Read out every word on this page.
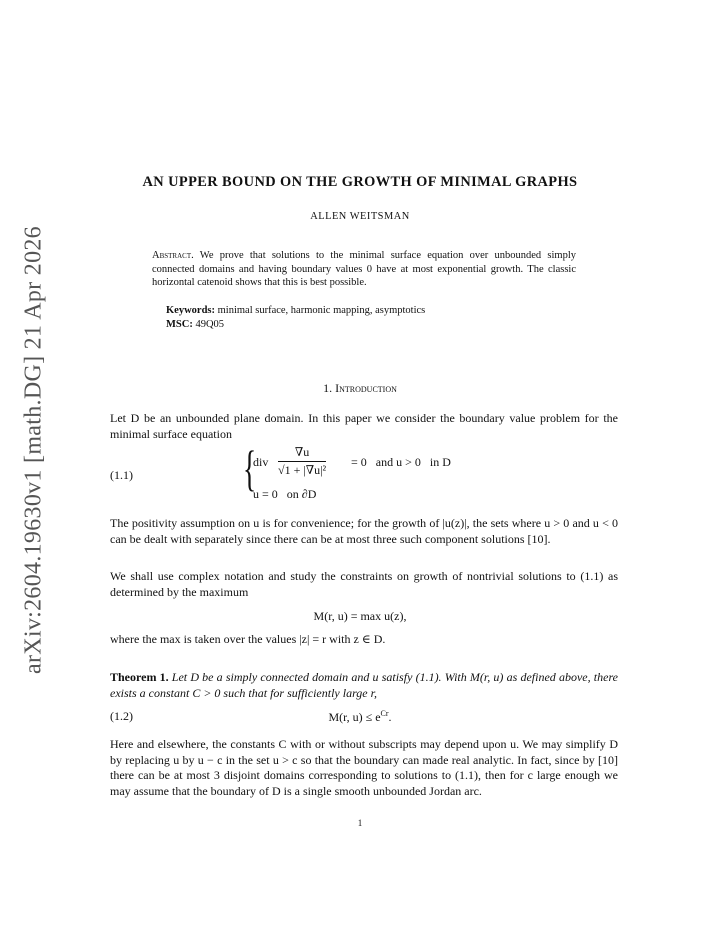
arXiv:2604.19630v1 [math.DG] 21 Apr 2026
AN UPPER BOUND ON THE GROWTH OF MINIMAL GRAPHS
ALLEN WEITSMAN
Abstract. We prove that solutions to the minimal surface equation over unbounded simply connected domains and having boundary values 0 have at most exponential growth. The classic horizontal catenoid shows that this is best possible.
Keywords: minimal surface, harmonic mapping, asymptotics
MSC: 49Q05
1. Introduction
Let D be an unbounded plane domain. In this paper we consider the boundary value problem for the minimal surface equation
(1.1) {
div
∇u
√1 + |∇u|²
= 0   and u > 0   in D
u = 0   on ∂D
The positivity assumption on u is for convenience; for the growth of |u(z)|, the sets where u > 0 and u < 0 can be dealt with separately since there can be at most three such component solutions [10].
We shall use complex notation and study the constraints on growth of nontrivial solutions to (1.1) as determined by the maximum
M(r, u) = max u(z),
where the max is taken over the values |z| = r with z ∈ D.
Theorem 1. Let D be a simply connected domain and u satisfy (1.1). With M(r, u) as defined above, there exists a constant C > 0 such that for sufficiently large r,
(1.2)	M(r, $u) \le e^{Cr}$.
Here and elsewhere, the constants C with or without subscripts may depend upon u. We may simplify D by replacing u by u − c in the set u > c so that the boundary can made real analytic. In fact, since by [10] there can be at most 3 disjoint domains corresponding to solutions to (1.1), then for c large enough we may assume that the boundary of D is a single smooth unbounded Jordan arc.
1
